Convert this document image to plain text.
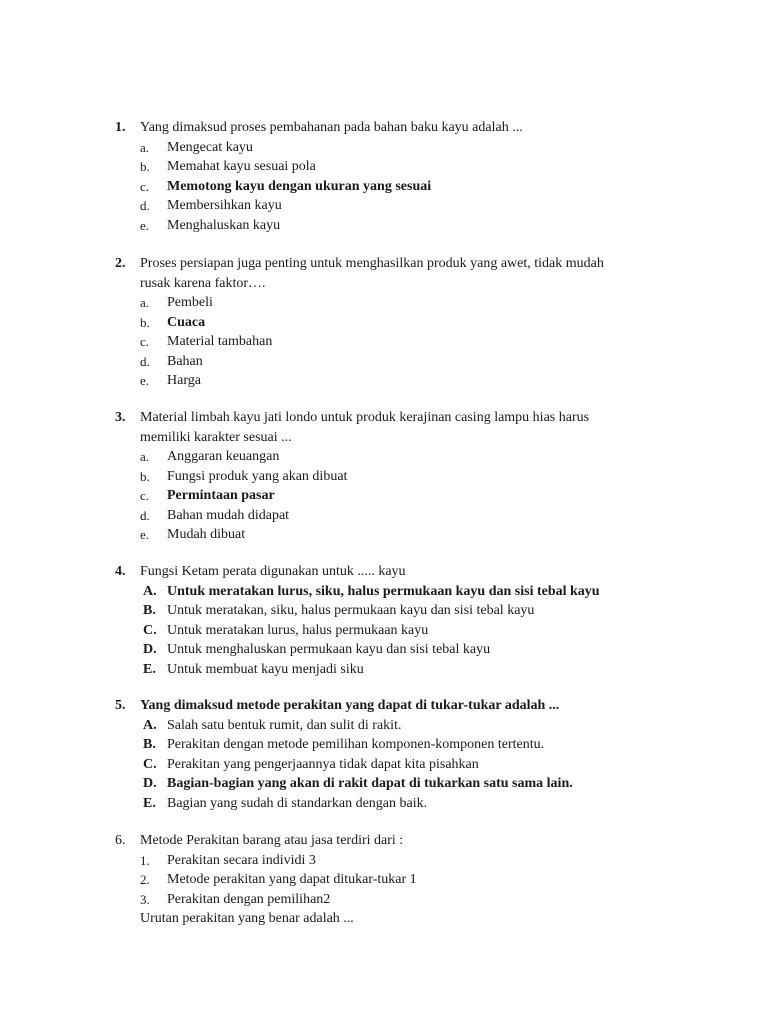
1. Yang dimaksud proses pembahanan pada bahan baku kayu adalah ...
a. Mengecat kayu
b. Memahat kayu sesuai pola
c. Memotong kayu dengan ukuran yang sesuai
d. Membersihkan kayu
e. Menghaluskan kayu
2. Proses persiapan juga penting untuk menghasilkan produk yang awet, tidak mudah
rusak karena faktor….
a. Pembeli
b. Cuaca
c. Material tambahan
d. Bahan
e. Harga
3. Material limbah kayu jati londo untuk produk kerajinan casing lampu hias harus
memiliki karakter sesuai ...
a. Anggaran keuangan
b. Fungsi produk yang akan dibuat
c. Permintaan pasar
d. Bahan mudah didapat
e. Mudah dibuat
4. Fungsi Ketam perata digunakan untuk ..... kayu
A. Untuk meratakan lurus, siku, halus permukaan kayu dan sisi tebal kayu
B. Untuk meratakan, siku, halus permukaan kayu dan sisi tebal kayu
C. Untuk meratakan lurus, halus permukaan kayu
D. Untuk menghaluskan permukaan kayu dan sisi tebal kayu
E. Untuk membuat kayu menjadi siku
5. Yang dimaksud metode perakitan yang dapat di tukar-tukar adalah ...
A. Salah satu bentuk rumit, dan sulit di rakit.
B. Perakitan dengan metode pemilihan komponen-komponen tertentu.
C. Perakitan yang pengerjaannya tidak dapat kita pisahkan
D. Bagian-bagian yang akan di rakit dapat di tukarkan satu sama lain.
E. Bagian yang sudah di standarkan dengan baik.
6. Metode Perakitan barang atau jasa terdiri dari :
1. Perakitan secara individi 3
2. Metode perakitan yang dapat ditukar-tukar 1
3. Perakitan dengan pemilihan2
Urutan perakitan yang benar adalah ...
